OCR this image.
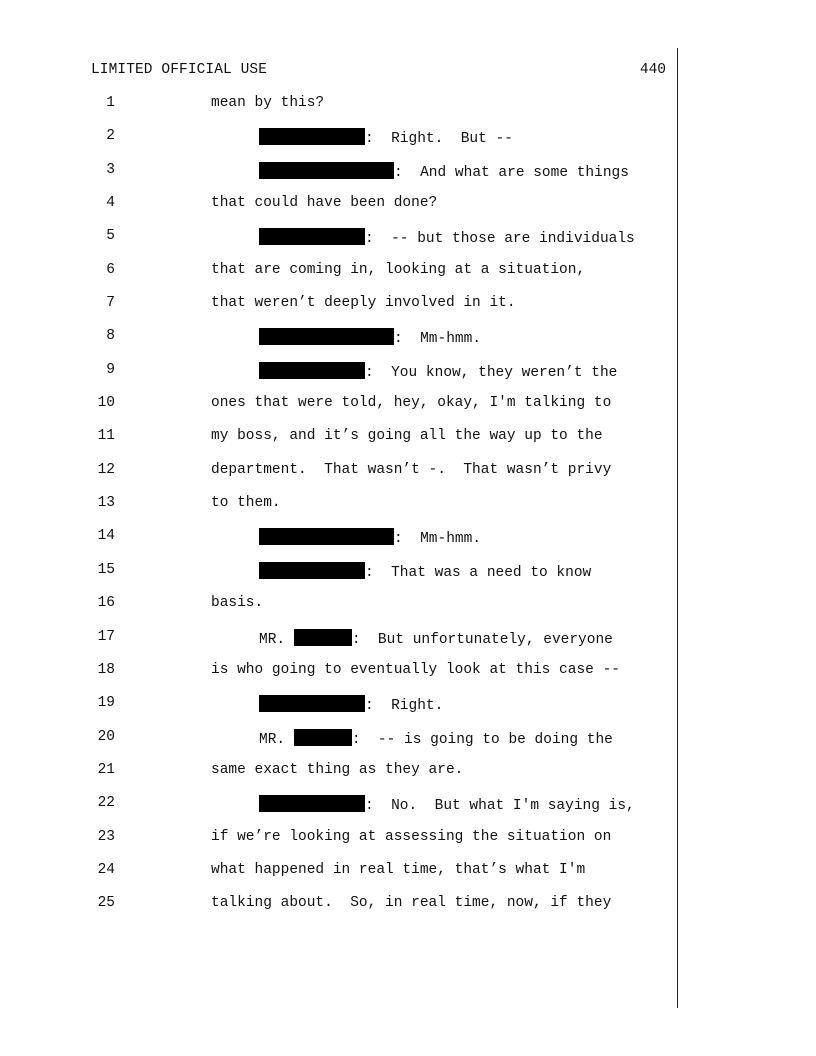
LIMITED OFFICIAL USE	440
1	mean by this?
2	:  Right.  But --
3	:  And what are some things
4	that could have been done?
5	:  -- but those are individuals
6	that are coming in, looking at a situation,
7	that weren’t deeply involved in it.
8	:  Mm-hmm.
9	:  You know, they weren’t the
10	ones that were told, hey, okay, I'm talking to
11	my boss, and it’s going all the way up to the
12	department.  That wasn’t -.  That wasn’t privy
13	to them.
14	:  Mm-hmm.
15	:  That was a need to know
16	basis.
17	MR.	:  But unfortunately, everyone
18	is who going to eventually look at this case --
19	:  Right.
20	MR.	:  -- is going to be doing the
21	same exact thing as they are.
22	:  No.  But what I'm saying is,
23	if we’re looking at assessing the situation on
24	what happened in real time, that’s what I'm
25	talking about.  So, in real time, now, if they
